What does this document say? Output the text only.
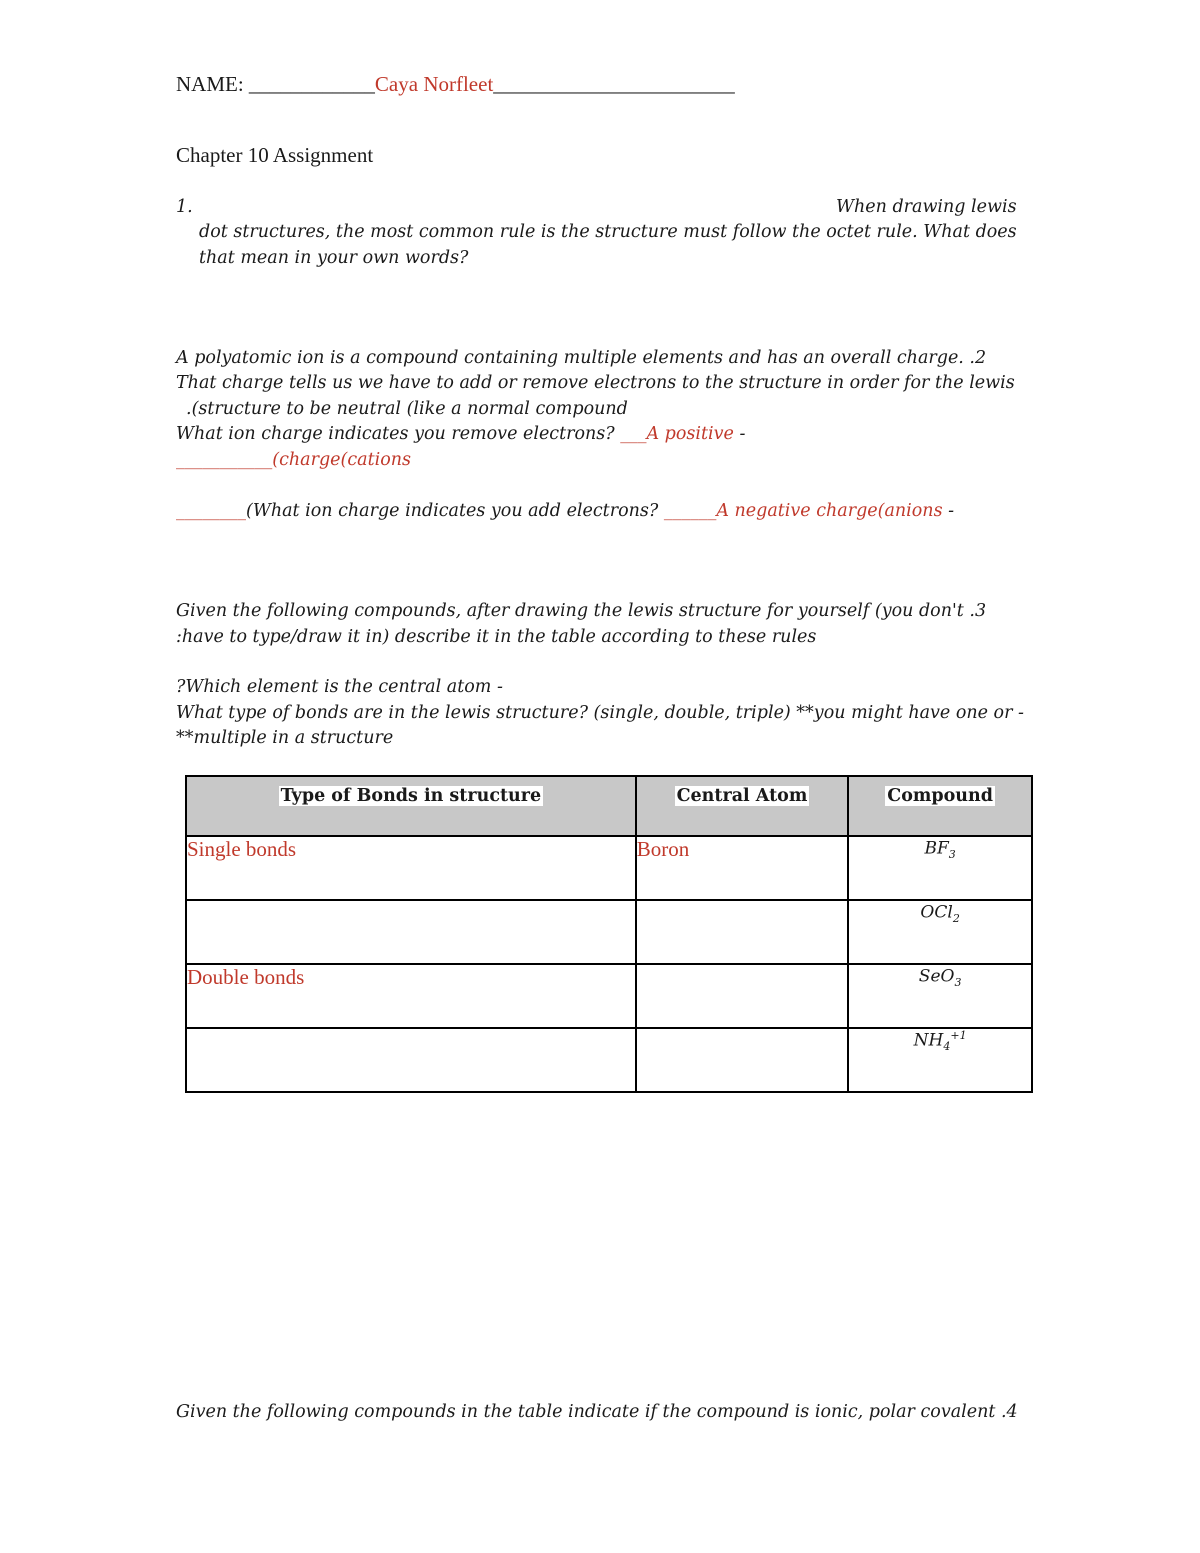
NAME: ____________Caya Norfleet_______________________
Chapter 10 Assignment
1.	When drawing lewis
dot structures, the most common rule is the structure must follow the octet rule. What does
that mean in your own words?
A polyatomic ion is a compound containing multiple elements and has an overall charge. .2
That charge tells us we have to add or remove electrons to the structure in order for the lewis
.(structure to be neutral (like a normal compound
What ion charge indicates you remove electrons? ___A positive -
___________(charge(cations
________(What ion charge indicates you add electrons? ______A negative charge(anions -
Given the following compounds, after drawing the lewis structure for yourself (you don't .3
:have to type/draw it in) describe it in the table according to these rules
?Which element is the central atom -
What type of bonds are in the lewis structure? (single, double, triple) **you might have one or -
**multiple in a structure
Type of Bonds in structure	Central Atom	Compound
Single bonds	Boron	$BF_3$
		OCl$_2$
Double bonds		SeO$_3$
		$NH_4^{+1}$
Given the following compounds in the table indicate if the compound is ionic, polar covalent .4
